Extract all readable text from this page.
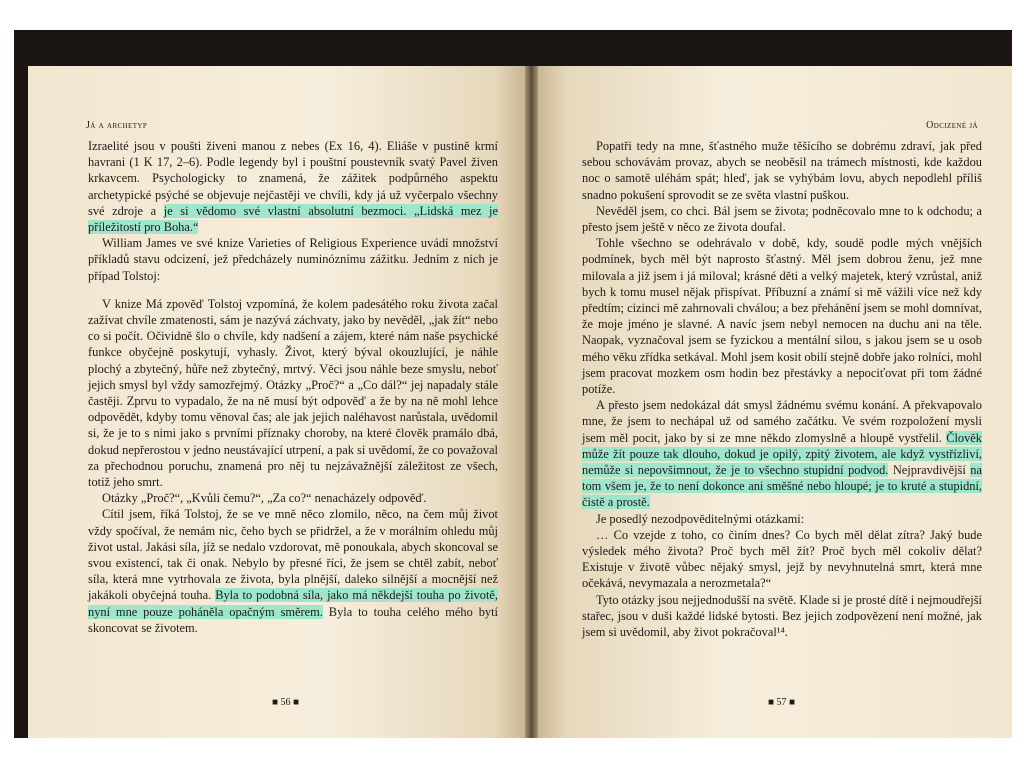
Já a archetyp

Izraelité jsou v poušti živeni manou z nebes (Ex 16, 4). Eliáše v pustině krmí havrani (1 K 17, 2–6). Podle legendy byl i pouštní poustevník svatý Pavel živen krkavcem. Psychologicky to znamená, že zážitek podpůrného aspektu archetypické psýché se objevuje nejčastěji ve chvíli, kdy já už vyčerpalo všechny své zdroje a je si vědomo své vlastní absolutní bezmoci. „Lidská mez je příležitostí pro Boha.“

William James ve své knize Varieties of Religious Experience uvádí množství příkladů stavu odcizení, jež předcházely numinóznímu zážitku. Jedním z nich je případ Tolstoj:

V knize Má zpověď Tolstoj vzpomíná, že kolem padesátého roku života začal zažívat chvíle zmatenosti, sám je nazývá záchvaty, jako by nevěděl, „jak žít“ nebo co si počít. Očividně šlo o chvíle, kdy nadšení a zájem, které nám naše psychické funkce obyčejně poskytují, vyhasly. Život, který býval okouzlující, je náhle plochý a zbytečný, hůře než zbytečný, mrtvý. Věci jsou náhle beze smyslu, neboť jejich smysl byl vždy samozřejmý. Otázky „Proč?“ a „Co dál?“ jej napadaly stále častěji. Zprvu to vypadalo, že na ně musí být odpověď a že by na ně mohl lehce odpovědět, kdyby tomu věnoval čas; ale jak jejich naléhavost narůstala, uvědomil si, že je to s nimi jako s prvními příznaky choroby, na které člověk pramálo dbá, dokud nepřerostou v jedno neustávající utrpení, a pak si uvědomí, že co považoval za přechodnou poruchu, znamená pro něj tu nejzávažnější záležitost ze všech, totiž jeho smrt.

Otázky „Proč?“, „Kvůli čemu?“, „Za co?“ nenacházely odpověď.

Cítil jsem, říká Tolstoj, že se ve mně něco zlomilo, něco, na čem můj život vždy spočíval, že nemám nic, čeho bych se přidržel, a že v morálním ohledu můj život ustal. Jakási síla, jíž se nedalo vzdorovat, mě ponoukala, abych skoncoval se svou existencí, tak či onak. Nebylo by přesné říci, že jsem se chtěl zabít, neboť síla, která mne vytrhovala ze života, byla plnější, daleko silnější a mocnější než jakákoli obyčejná touha. Byla to podobná síla, jako má někdejší touha po životě, nyní mne pouze poháněla opačným směrem. Byla to touha celého mého bytí skoncovat se životem.

■ 56 ■
Odcizené já

Popatři tedy na mne, šťastného muže těšícího se dobrému zdraví, jak před sebou schovávám provaz, abych se neoběsil na trámech místnosti, kde každou noc o samotě uléhám spát; hleď, jak se vyhýbám lovu, abych nepodlehl příliš snadno pokušení sprovodit se ze světa vlastní puškou.

Nevěděl jsem, co chci. Bál jsem se života; podněcovalo mne to k odchodu; a přesto jsem ještě v něco ze života doufal.

Tohle všechno se odehrávalo v době, kdy, soudě podle mých vnějších podmínek, bych měl být naprosto šťastný. Měl jsem dobrou ženu, jež mne milovala a již jsem i já miloval; krásné děti a velký majetek, který vzrůstal, aniž bych k tomu musel nějak přispívat. Příbuzní a známí si mě vážili více než kdy předtím; cizinci mě zahrnovali chválou; a bez přehánění jsem se mohl domnívat, že moje jméno je slavné. A navíc jsem nebyl nemocen na duchu ani na těle. Naopak, vyznačoval jsem se fyzickou a mentální silou, s jakou jsem se u osob mého věku zřídka setkával. Mohl jsem kosit obilí stejně dobře jako rolníci, mohl jsem pracovat mozkem osm hodin bez přestávky a nepociťovat při tom žádné potíže.

A přesto jsem nedokázal dát smysl žádnému svému konání. A překvapovalo mne, že jsem to nechápal už od samého začátku. Ve svém rozpoložení mysli jsem měl pocit, jako by si ze mne někdo zlomyslně a hloupě vystřelil. Člověk může žít pouze tak dlouho, dokud je opilý, zpitý životem, ale když vystřízliví, nemůže si nepovšimnout, že je to všechno stupidní podvod. Nejpravdivější na tom všem je, že to není dokonce ani směšné nebo hloupé; je to kruté a stupidní, čistě a prostě.

Je posedlý nezodpověditelnými otázkami:

… Co vzejde z toho, co činím dnes? Co bych měl dělat zítra? Jaký bude výsledek mého života? Proč bych měl žít? Proč bych měl cokoliv dělat? Existuje v životě vůbec nějaký smysl, jejž by nevyhnutelná smrt, která mne očekává, nevymazala a nerozmetala?“

Tyto otázky jsou nejjednodušší na světě. Klade si je prosté dítě i nejmoudřejší stařec, jsou v duši každé lidské bytosti. Bez jejich zodpovězení není možné, jak jsem si uvědomil, aby život pokračoval¹⁴.

■ 57 ■
